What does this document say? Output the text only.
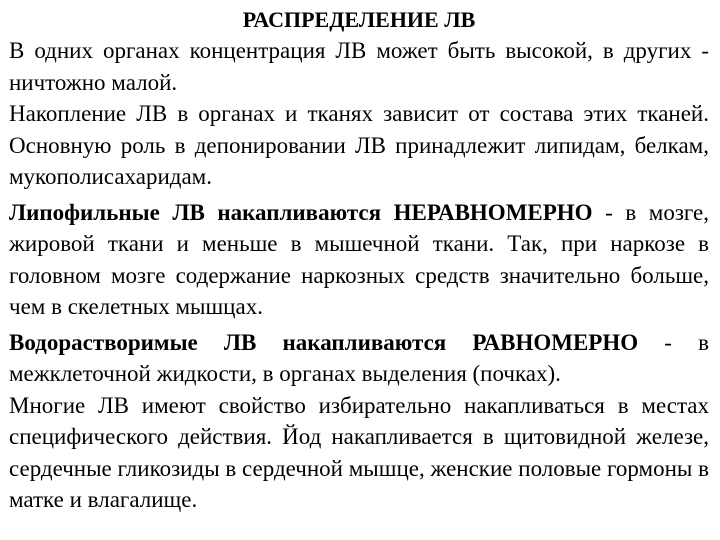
РАСПРЕДЕЛЕНИЕ ЛВ

В одних органах концентрация ЛВ может быть высокой, в других - ничтожно малой.

Накопление ЛВ в органах и тканях зависит от состава этих тканей. Основную роль в депонировании ЛВ принадлежит липидам, белкам, мукополисахаридам.

Липофильные ЛВ накапливаются НЕРАВНОМЕРНО - в мозге, жировой ткани и меньше в мышечной ткани. Так, при наркозе в головном мозге содержание наркозных средств значительно больше, чем в скелетных мышцах.

Водорастворимые ЛВ накапливаются РАВНОМЕРНО - в межклеточной жидкости, в органах выделения (почках).

Многие ЛВ имеют свойство избирательно накапливаться в местах специфического действия. Йод накапливается в щитовидной железе, сердечные гликозиды в сердечной мышце, женские половые гормоны в матке и влагалище.
